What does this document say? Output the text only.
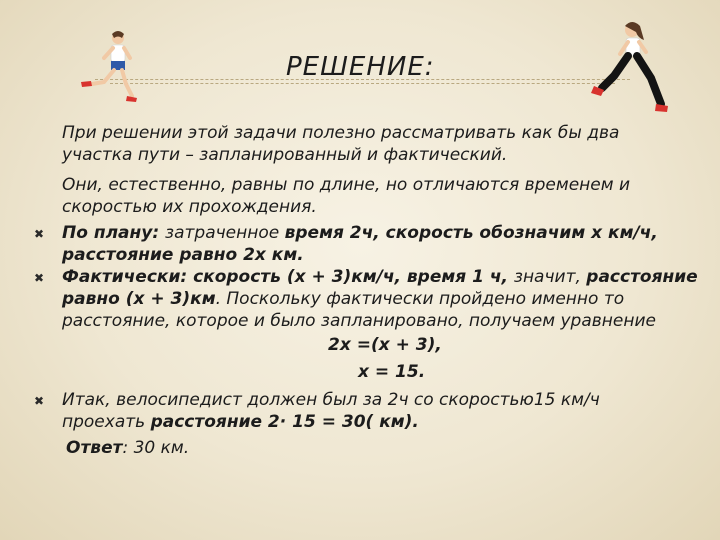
РЕШЕНИЕ:
При решении этой задачи полезно рассматривать как бы два
участка пути – запланированный и фактический.
Они, естественно, равны по длине, но отличаются временем и
скоростью их прохождения.
✖ По плану: затраченное время 2ч, скорость обозначим х км/ч,
расстояние равно 2х км.
✖ Фактически: скорость (х + 3)км/ч, время 1 ч, значит, расстояние
равно (х + 3)км. Поскольку фактически пройдено именно то
расстояние, которое и было запланировано, получаем уравнение
2х =(х + 3),
х = 15.
✖ Итак, велосипедист должен был за 2ч со скоростью15 км/ч
проехать расстояние 2· 15 = 30( км).
Ответ: 30 км.
